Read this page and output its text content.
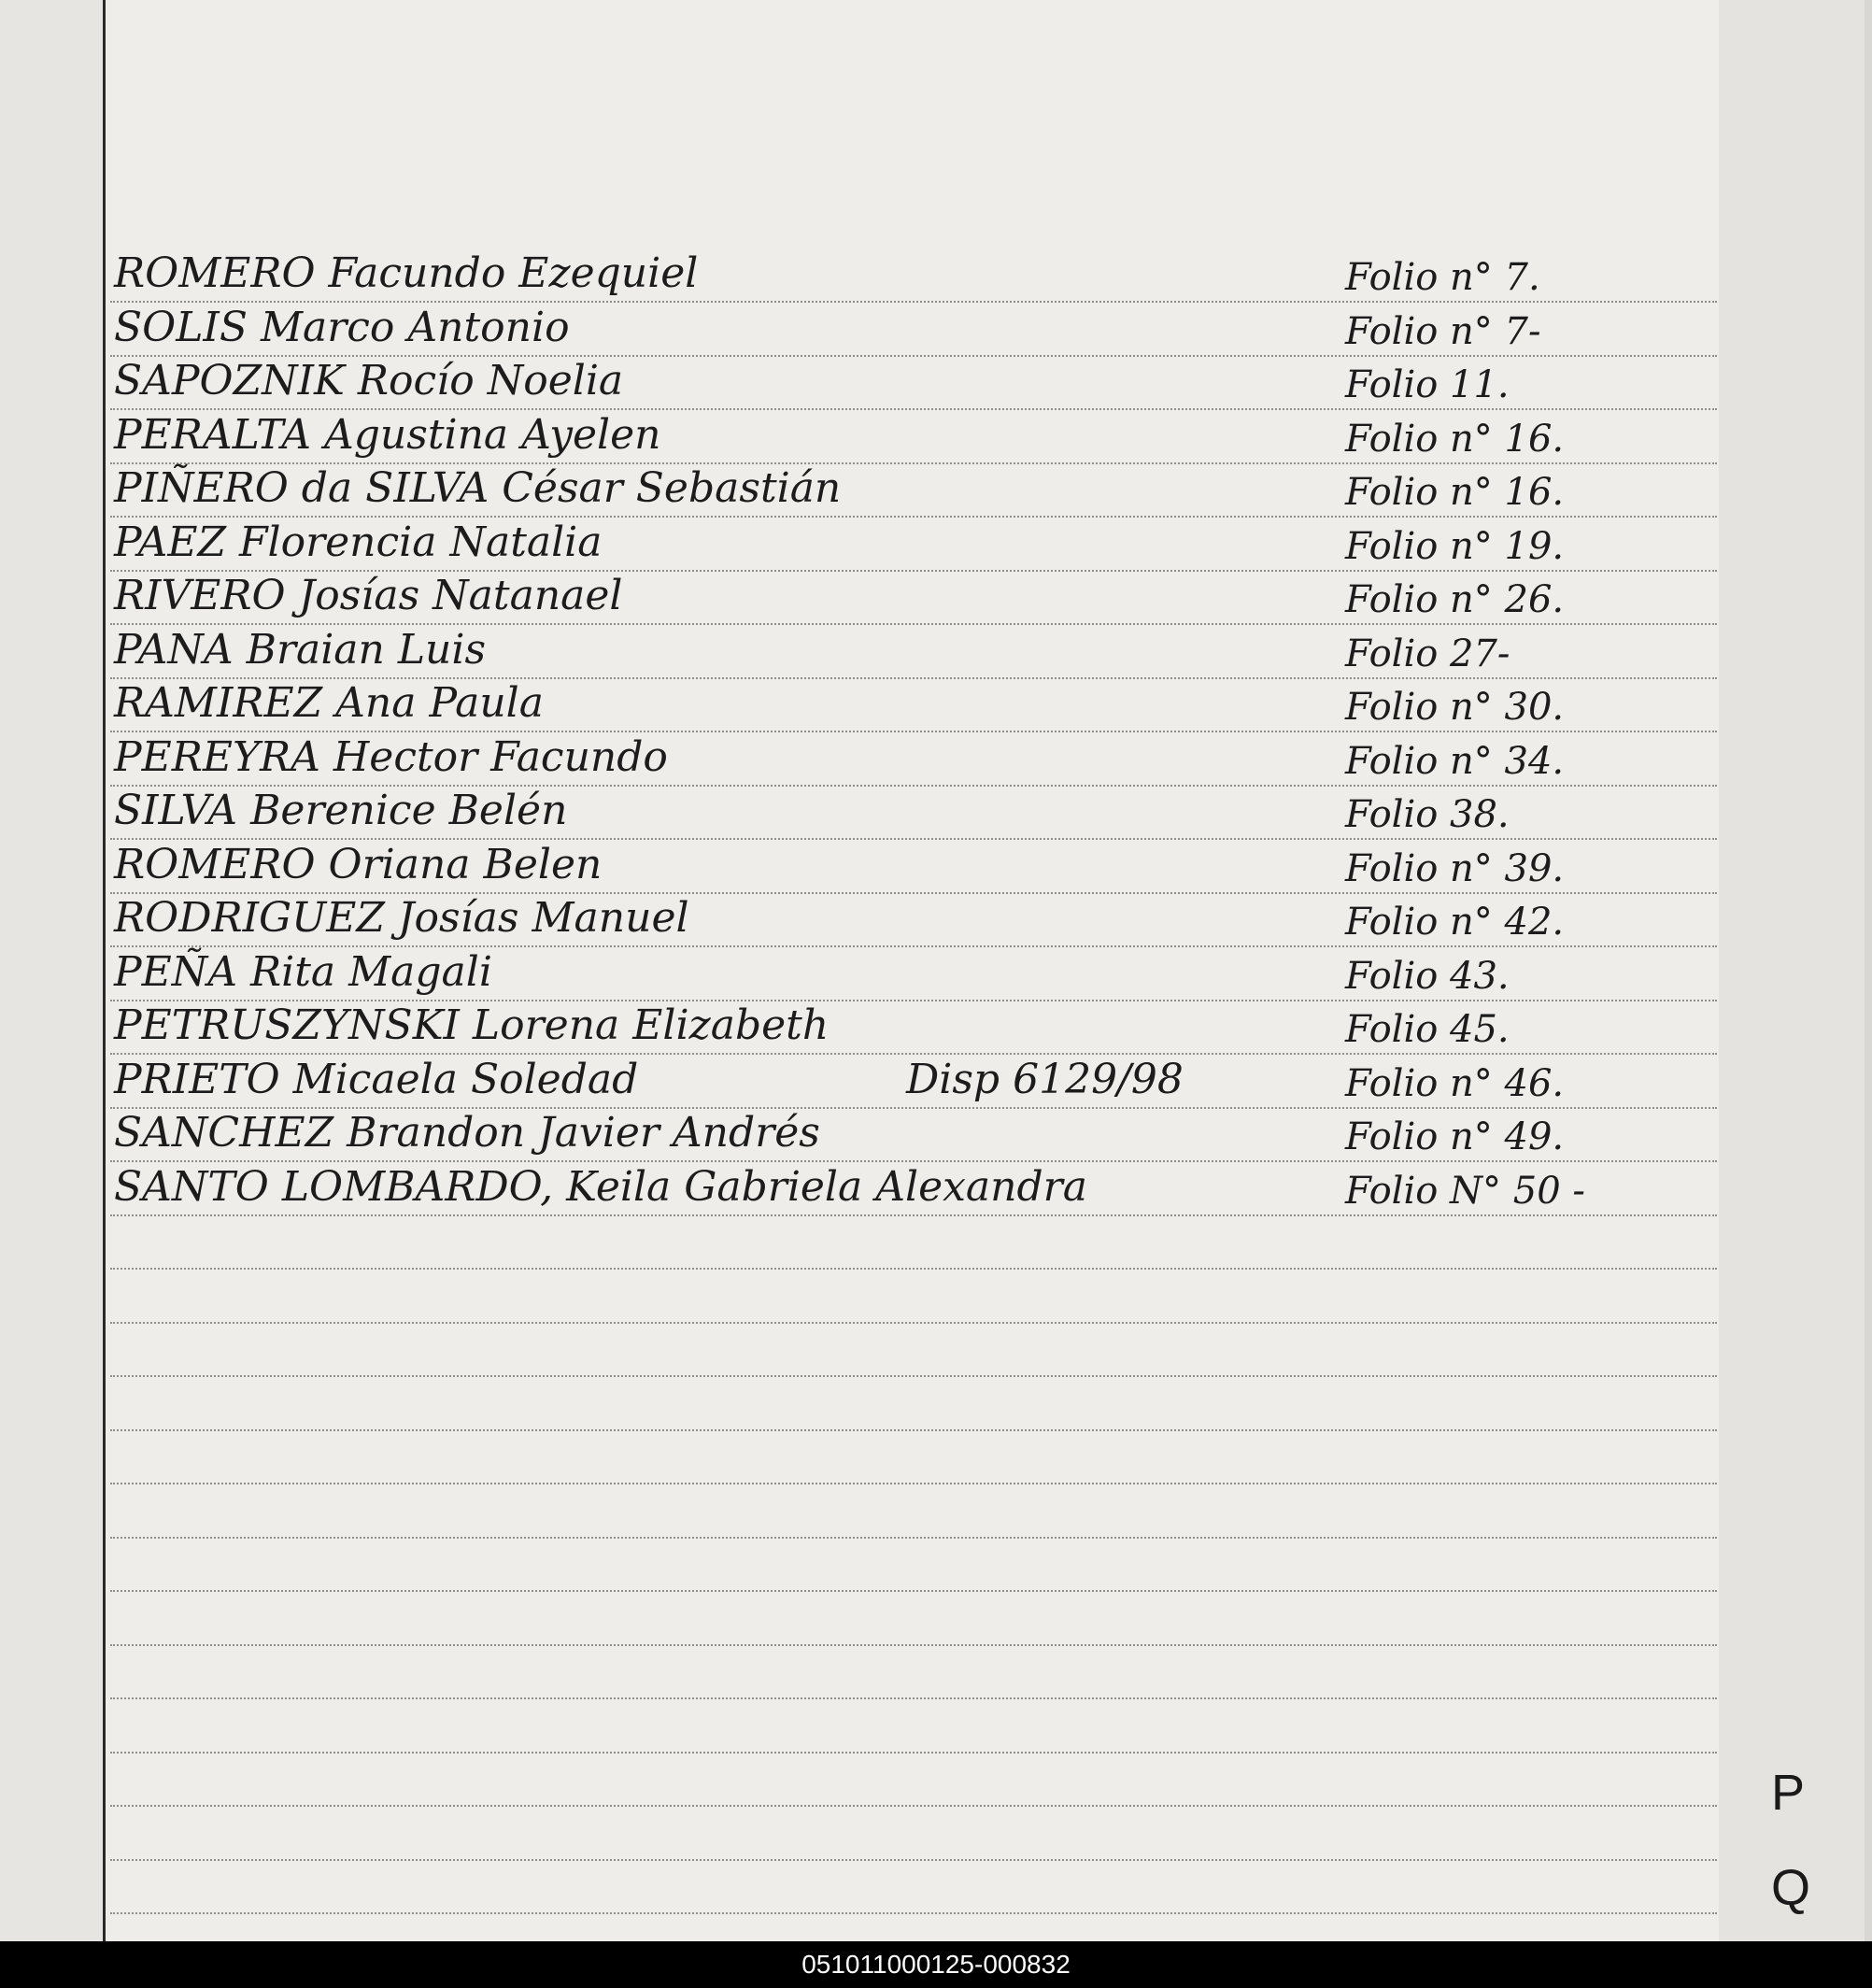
ROMERO Facundo Ezequiel	Folio n° 7.
SOLIS Marco Antonio	Folio n° 7-
SAPOZNIK Rocío Noelia	Folio 11.
PERALTA Agustina Ayelen	Folio n° 16.
PIÑERO da SILVA César Sebastián	Folio n° 16.
PAEZ Florencia Natalia	Folio n° 19.
RIVERO Josías Natanael	Folio n° 26.
PANA Braian Luis	Folio 27-
RAMIREZ Ana Paula	Folio n° 30.
PEREYRA Hector Facundo	Folio n° 34.
SILVA Berenice Belén	Folio 38.
ROMERO Oriana Belen	Folio n° 39.
RODRIGUEZ Josías Manuel	Folio n° 42.
PEÑA Rita Magali	Folio 43.
PETRUSZYNSKI Lorena Elizabeth	Folio 45.
PRIETO Micaela Soledad	Disp 6129/98	Folio n° 46.
SANCHEZ Brandon Javier Andrés	Folio n° 49.
SANTO LOMBARDO, Keila Gabriela Alexandra	Folio N° 50 -
P
Q
051011000125-000832
